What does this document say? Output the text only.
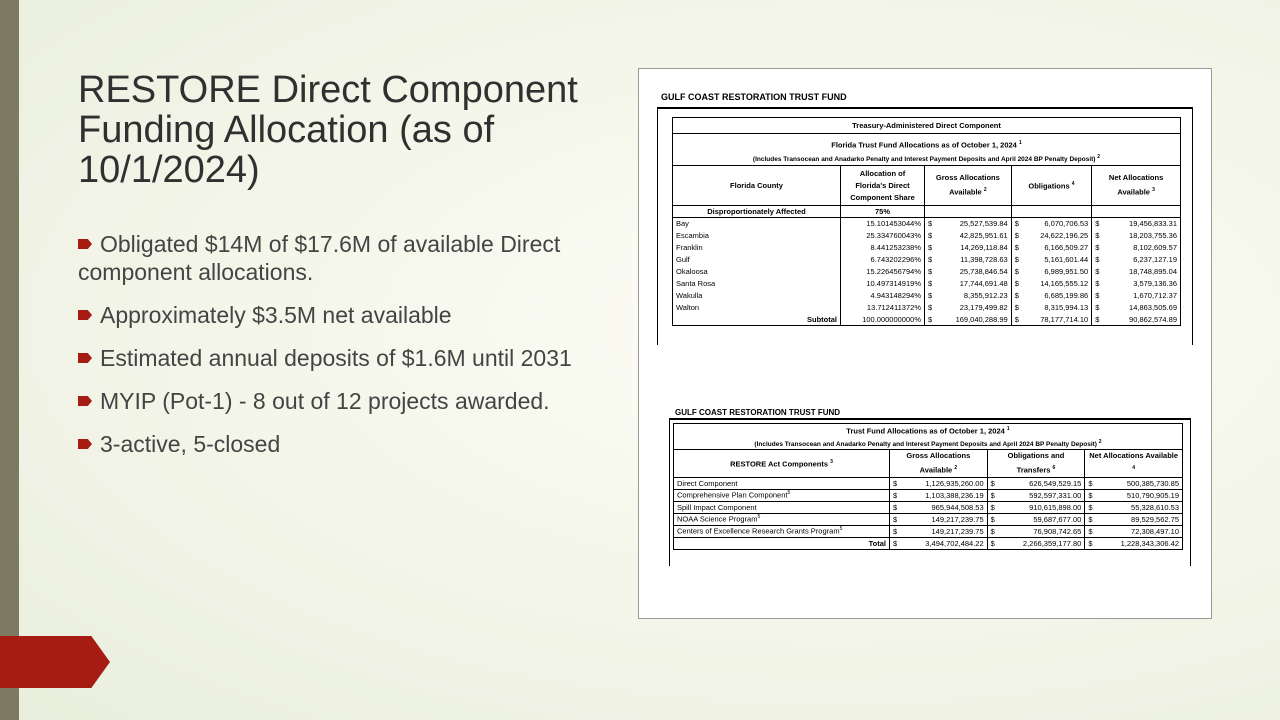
RESTORE Direct Component Funding Allocation (as of 10/1/2024)
Obligated $14M of $17.6M of available Direct component allocations.
Approximately $3.5M net available
Estimated annual deposits of $1.6M until 2031
MYIP (Pot-1) - 8 out of 12 projects awarded.
3-active, 5-closed
GULF COAST RESTORATION TRUST FUND
Treasury-Administered Direct Component							
Florida Trust Fund Allocations as of October 1, 2024 $^1$
(Includes Transocean and Anadarko Penalty and Interest Payment Deposits and April 2024 BP Penalty Deposit) $^2$
Florida County	Allocation of Florida's Direct Component Share	Gross Allocations Available $^2$		Obligations $^4$		Net Allocations Available $^3$
Disproportionately Affected	75%						
Bay	15.101453044%	$	25,527,539.84	$	6,070,706.53	$	19,456,833.31
Escambia	25.334760043%	$	42,825,951.61	$	24,622,196.25	$	18,203,755.36
Franklin	8.441253238%	$	14,269,118.84	$	6,166,509.27	$	8,102,609.57
Gulf	6.743202296%	$	11,398,728.63	$	5,161,601.44	$	6,237,127.19
Okaloosa	15.226456794%	$	25,738,846.54	$	6,989,951.50	$	18,748,895.04
Santa Rosa	10.497314919%	$	17,744,691.48	$	14,165,555.12	$	3,579,136.36
Wakulla	4.943148294%	$	8,355,912.23	$	6,685,199.86	$	1,670,712.37
Walton	13.712411372%	$	23,179,499.82	$	8,315,994.13	$	14,863,505.69
Subtotal	100.000000000%	$	169,040,288.99	$	78,177,714.10	$	90,862,574.89
GULF COAST RESTORATION TRUST FUND
Trust Fund Allocations as of October 1, 2024 $^1$
(Includes Transocean and Anadarko Penalty and Interest Payment Deposits and April 2024 BP Penalty Deposit) $^2$
RESTORE Act Components $^3$	Gross Allocations Available $^2$		Obligations and Transfers $^6$		Net Allocations Available $^4$
Direct Component	$	1,126,935,260.00	$	626,549,529.15	$	500,385,730.85
Comprehensive Plan Component$^5$	$	1,103,388,236.19	$	592,597,331.00	$	510,790,905.19
Spill Impact Component	$	965,944,508.53	$	910,615,898.00	$	55,328,610.53
NOAA Science Program$^5$	$	149,217,239.75	$	59,687,677.00	$	89,529,562.75
Centers of Excellence Research Grants Program$^5$	$	149,217,239.75	$	76,908,742.65	$	72,308,497.10
Total	$	3,494,702,484.22	$	2,266,359,177.80	$	1,228,343,306.42
